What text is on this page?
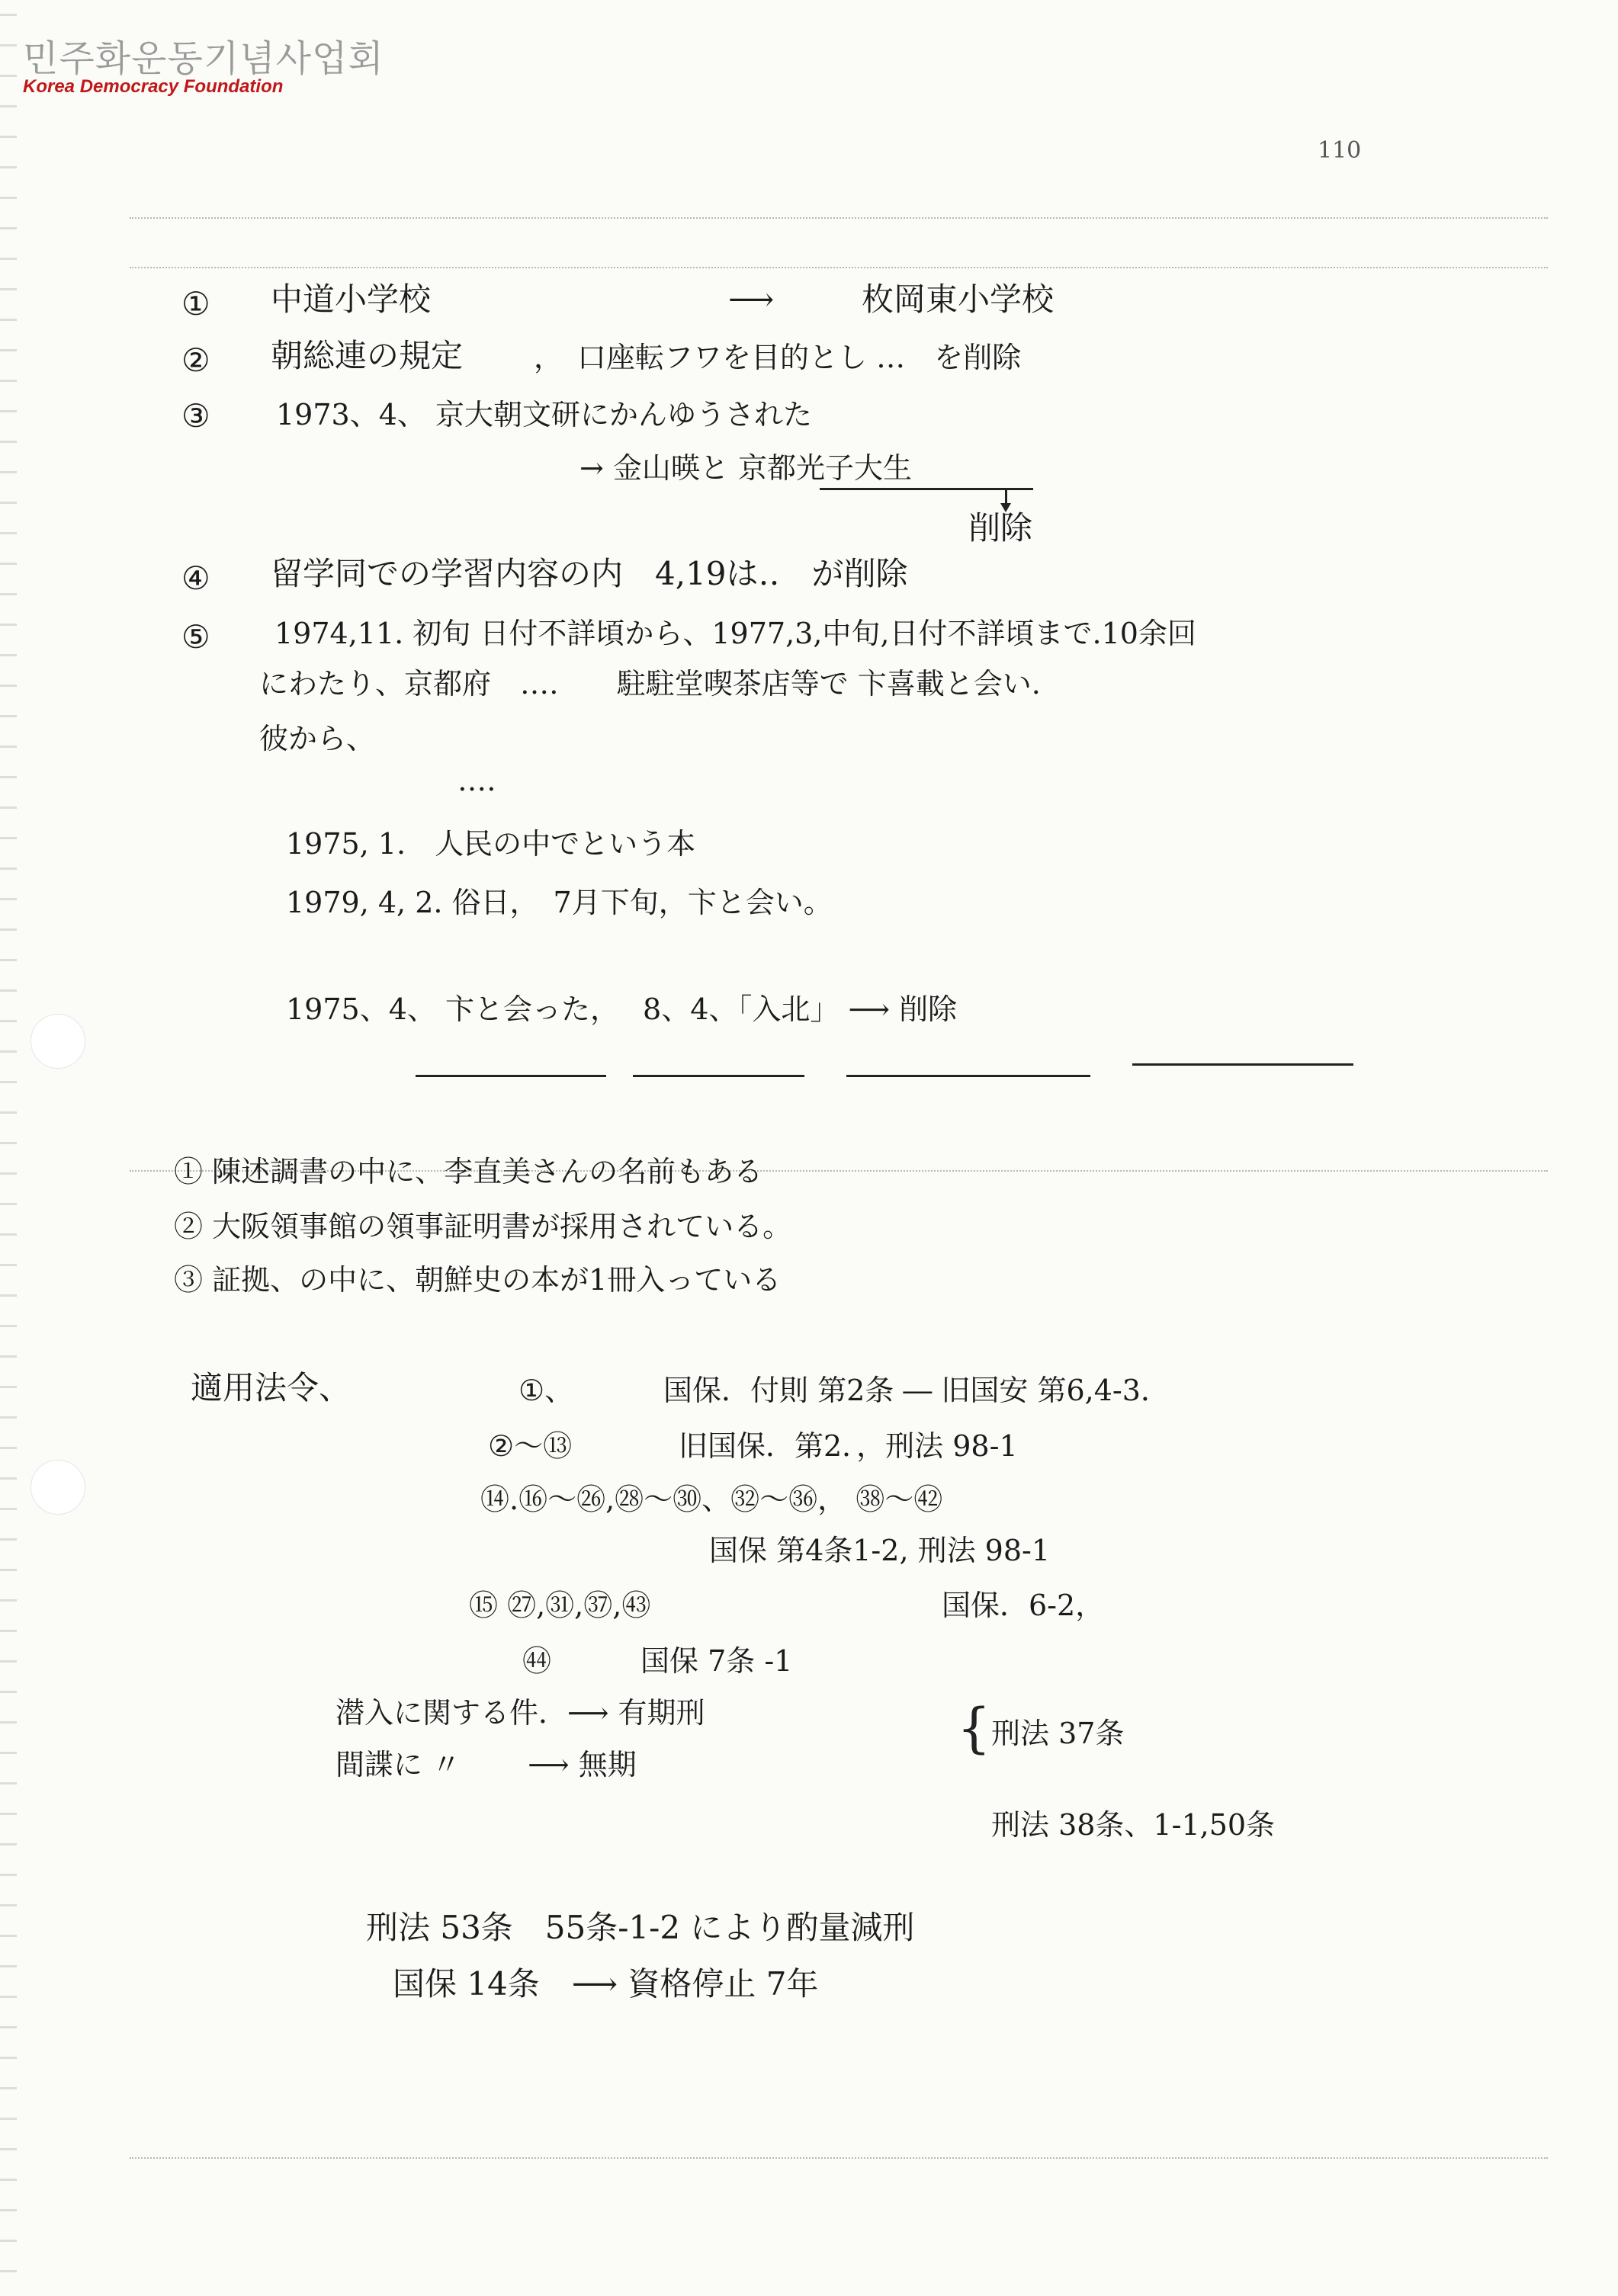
민주화운동기념사업회
Korea Democracy Foundation
110
① 中道小学校	⟶	枚岡東小学校
② 朝総連の規定 ，　口座転フワを目的とし …　を削除
③ 1973、4、 京大朝文研にかんゆうされた
→ 金山暎と 京都光子大生
削除
④ 留学同での学習内容の内　4,19は‥　が削除
⑤ 1974,11. 初旬 日付不詳頃から、1977,3,中旬,日付不詳頃まで.10余回
にわたり、京都府　‥‥　　駐駐堂喫茶店等で 卞喜載と会い.
彼から、
‥‥
1975, 1.　人民の中でという本
1979, 4, 2. 俗日，　7月下旬，卞と会い。
1975、4、 卞と会った，　 8、4、「入北」 ⟶ 削除
① 陳述調書の中に、李直美さんの名前もある
② 大阪領事館の領事証明書が採用されている。
③ 証拠、の中に、朝鮮史の本が1冊入っている
適用法令、	①、	国保．付則 第2条 ― 旧国安 第6,4-3．
②〜⑬	旧国保．第2．，刑法 98-1
⑭.⑯〜㉖,㉘〜㉚、㉜〜㊱， ㊳〜㊷
国保 第4条1-2, 刑法 98-1
⑮ ㉗,㉛,㊲,㊸	国保．6-2，
㊹	国保 7条 -1
潜入に関する件．⟶ 有期刑
間諜に 〃　　 ⟶ 無期
{ 刑法 37条
刑法 38条、1-1,50条
刑法 53条　55条-1-2 により酌量減刑
国保 14条　⟶ 資格停止 7年
